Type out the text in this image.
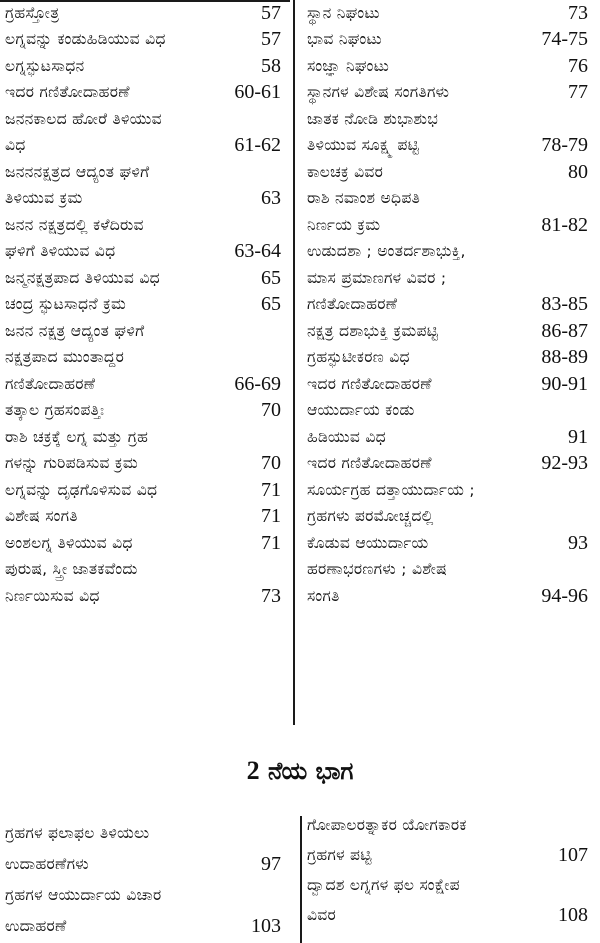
ಗ್ರಹಸ್ತೋತ್ರ	57
ಲಗ್ನವನ್ನು ಕಂಡುಹಿಡಿಯುವ ವಿಧ	57
ಲಗ್ನಸ್ಫುಟಸಾಧನ	58
ಇದರ ಗಣಿತೋದಾಹರಣೆ	60-61
ಜನನಕಾಲದ ಹೋರೆ ತಿಳಿಯುವ
ವಿಧ	61-62
ಜನನನಕ್ಷತ್ರದ ಆದ್ಯಂತ ಘಳಿಗೆ
ತಿಳಿಯುವ ಕ್ರಮ	63
ಜನನ ನಕ್ಷತ್ರದಲ್ಲಿ ಕಳೆದಿರುವ
ಘಳಿಗೆ ತಿಳಿಯುವ ವಿಧ	63-64
ಜನ್ಮನಕ್ಷತ್ರಪಾದ ತಿಳಿಯುವ ವಿಧ	65
ಚಂದ್ರ ಸ್ಫುಟಸಾಧನೆ ಕ್ರಮ	65
ಜನನ ನಕ್ಷತ್ರ ಆದ್ಯಂತ ಘಳಿಗೆ
ನಕ್ಷತ್ರಪಾದ ಮುಂತಾದ್ದರ
ಗಣಿತೋದಾಹರಣೆ	66-69
ತತ್ಕಾಲ ಗ್ರಹಸಂಪತ್ತಿಃ	70
ರಾಶಿ ಚಕ್ರಕ್ಕೆ ಲಗ್ನ ಮತ್ತು ಗ್ರಹ
ಗಳನ್ನು ಗುರಿಪಡಿಸುವ ಕ್ರಮ	70
ಲಗ್ನವನ್ನು ದೃಢಗೊಳಿಸುವ ವಿಧ	71
ವಿಶೇಷ ಸಂಗತಿ	71
ಅಂಶಲಗ್ನ ತಿಳಿಯುವ ವಿಧ	71
ಪುರುಷ, ಸ್ತ್ರೀ ಜಾತಕವೆಂದು
ನಿರ್ಣಯಿಸುವ ವಿಧ	73
ಸ್ಥಾನ ನಿಘಂಟು	73
ಭಾವ ನಿಘಂಟು	74-75
ಸಂಜ್ಞಾ ನಿಘಂಟು	76
ಸ್ಥಾನಗಳ ವಿಶೇಷ ಸಂಗತಿಗಳು	77
ಜಾತಕ ನೋಡಿ ಶುಭಾಶುಭ
ತಿಳಿಯುವ ಸೂಕ್ಷ್ಮ ಪಟ್ಟಿ	78-79
ಕಾಲಚಕ್ರ ವಿವರ	80
ರಾಶಿ ನವಾಂಶ ಅಧಿಪತಿ
ನಿರ್ಣಯ ಕ್ರಮ	81-82
ಉಡುದಶಾ ; ಅಂತರ್ದಶಾಭುಕ್ತಿ,
ಮಾಸ ಪ್ರಮಾಣಗಳ ವಿವರ ;
ಗಣಿತೋದಾಹರಣೆ	83-85
ನಕ್ಷತ್ರ ದಶಾಭುಕ್ತಿ ಕ್ರಮಪಟ್ಟಿ	86-87
ಗ್ರಹಸ್ಫುಟೀಕರಣ ವಿಧ	88-89
ಇದರ ಗಣಿತೋದಾಹರಣೆ	90-91
ಆಯುರ್ದಾಯ ಕಂಡು
ಹಿಡಿಯುವ ವಿಧ	91
ಇದರ ಗಣಿತೋದಾಹರಣೆ	92-93
ಸೂರ್ಯಗ್ರಹ ದತ್ತಾಯುರ್ದಾಯ ;
ಗ್ರಹಗಳು ಪರಮೋಚ್ಚದಲ್ಲಿ
ಕೊಡುವ ಆಯುರ್ದಾಯ	93
ಹರಣಾಭರಣಗಳು ; ವಿಶೇಷ
ಸಂಗತಿ	94-96
2 ನೆಯ ಭಾಗ
ಗ್ರಹಗಳ ಫಲಾಫಲ ತಿಳಿಯಲು
ಉದಾಹರಣೆಗಳು	97
ಗ್ರಹಗಳ ಆಯುರ್ದಾಯ ವಿಚಾರ
ಉದಾಹರಣೆ	103
ಗೋಪಾಲರತ್ನಾಕರ ಯೋಗಕಾರಕ
ಗ್ರಹಗಳ ಪಟ್ಟಿ	107
ದ್ವಾದಶ ಲಗ್ನಗಳ ಫಲ ಸಂಕ್ಷೇಪ
ವಿವರ	108
